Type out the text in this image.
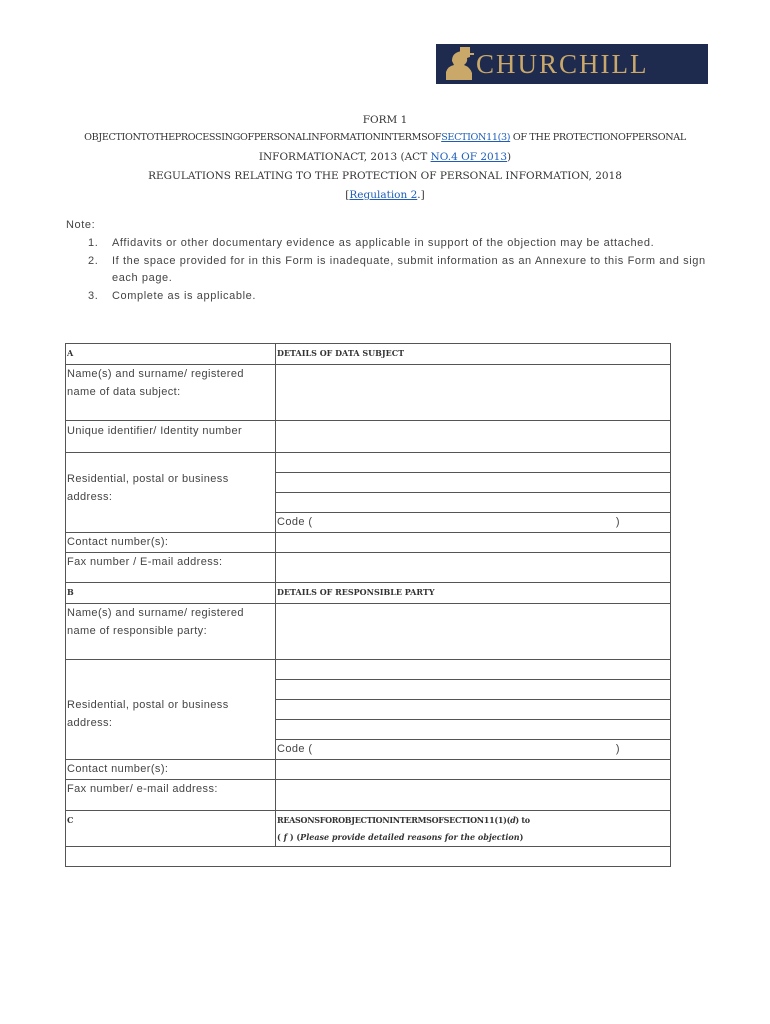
CHURCHILL
FORM 1
OBJECTIONTOTHEPROCESSINGOFPERSONALINFORMATIONINTERMSOFSECTION11(3) OF THE PROTECTIONOFPERSONAL
INFORMATIONACT, 2013 (ACT NO.4 OF 2013)
REGULATIONS RELATING TO THE PROTECTION OF PERSONAL INFORMATION, 2018
[Regulation 2.]
Note:
1. Affidavits or other documentary evidence as applicable in support of the objection may be attached.
2. If the space provided for in this Form is inadequate, submit information as an Annexure to this Form and sign each page.
3. Complete as is applicable.
A	DETAILS OF DATA SUBJECT
Name(s) and surname/ registered name of data subject:
Unique identifier/ Identity number
Residential, postal or business address:
Code (	)
Contact number(s):
Fax number / E-mail address:
B	DETAILS OF RESPONSIBLE PARTY
Name(s) and surname/ registered name of responsible party:
Residential, postal or business address:
Code (	)
Contact number(s):
Fax number/ e-mail address:
C	REASONSFOROBJECTIONINTERMSOFSECTION11(1)(d) to
( f ) (Please provide detailed reasons for the objection)
